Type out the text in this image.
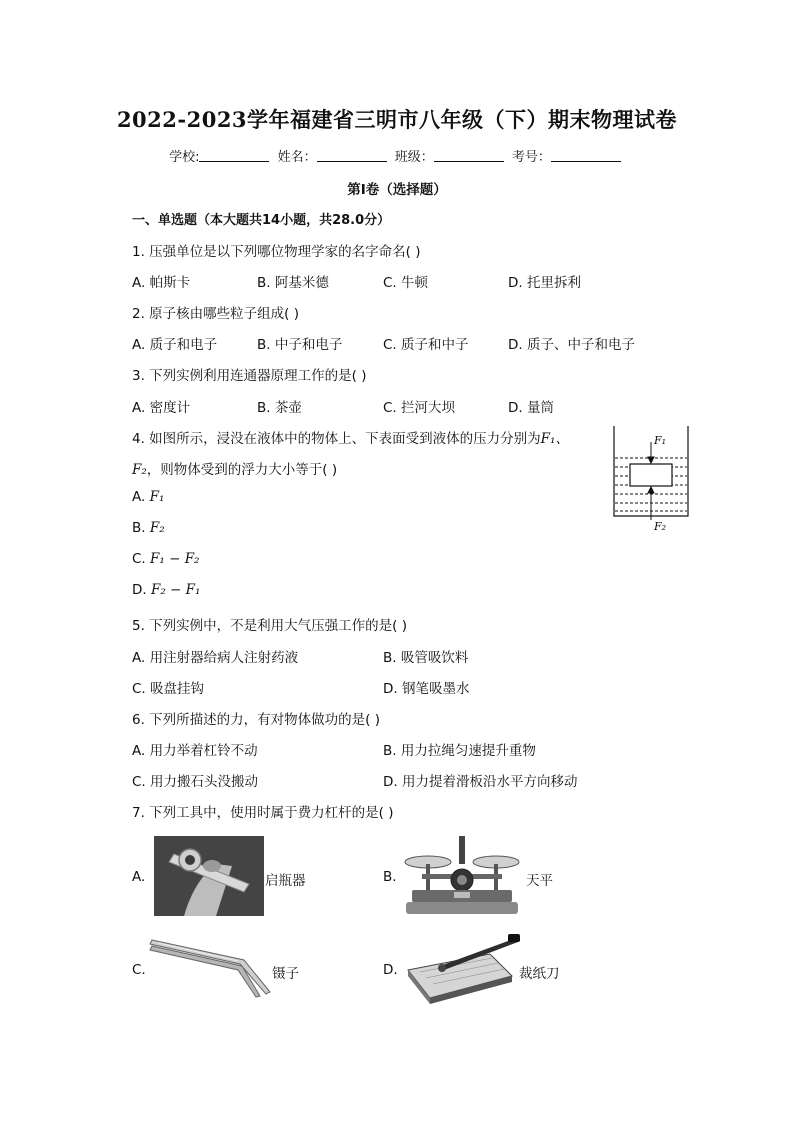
2022-2023学年福建省三明市八年级（下）期末物理试卷
学校:	姓名：	班级：	考号：
第Ⅰ卷（选择题）
一、单选题（本大题共14小题，共28.0分）
1. 压强单位是以下列哪位物理学家的名字命名( )
A. 帕斯卡	B. 阿基米德	C. 牛顿	D. 托里拆利
2. 原子核由哪些粒子组成( )
A. 质子和电子	B. 中子和电子	C. 质子和中子	D. 质子、中子和电子
3. 下列实例利用连通器原理工作的是( )
A. 密度计	B. 茶壶	C. 拦河大坝	D. 量筒
4. 如图所示，浸没在液体中的物体上、下表面受到液体的压力分别为F₁、
F₂，则物体受到的浮力大小等于( )
A. F₁
B. F₂
C. F₁ − F₂
D. F₂ − F₁
F₁
F₂
5. 下列实例中，不是利用大气压强工作的是( )
A. 用注射器给病人注射药液	B. 吸管吸饮料
C. 吸盘挂钩	D. 钢笔吸墨水
6. 下列所描述的力，有对物体做功的是( )
A. 用力举着杠铃不动	B. 用力拉绳匀速提升重物
C. 用力搬石头没搬动	D. 用力提着滑板沿水平方向移动
7. 下列工具中，使用时属于费力杠杆的是( )
A.	启瓶器	B.	天平
C.	镊子	D.	裁纸刀
